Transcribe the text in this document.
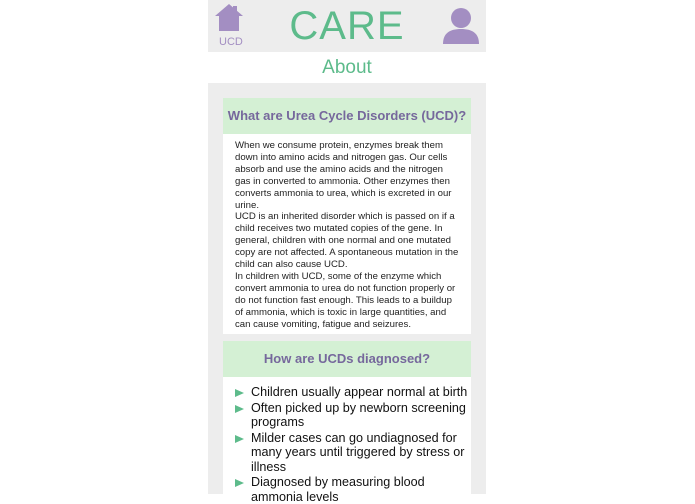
UCD	CARE
About
What are Urea Cycle Disorders (UCD)?

When we consume protein, enzymes break them down into amino acids and nitrogen gas. Our cells absorb and use the amino acids and the nitrogen gas in converted to ammonia. Other enzymes then converts ammonia to urea, which is excreted in our urine.

UCD is an inherited disorder which is passed on if a child receives two mutated copies of the gene. In general, children with one normal and one mutated copy are not affected. A spontaneous mutation in the child can also cause UCD.

In children with UCD, some of the enzyme which convert ammonia to urea do not function properly or do not function fast enough. This leads to a buildup of ammonia, which is toxic in large quantities, and can cause vomiting, fatigue and seizures.

How are UCDs diagnosed?
Children usually appear normal at birth
Often picked up by newborn screening programs
Milder cases can go undiagnosed for many years until triggered by stress or illness
Diagnosed by measuring blood ammonia levels
